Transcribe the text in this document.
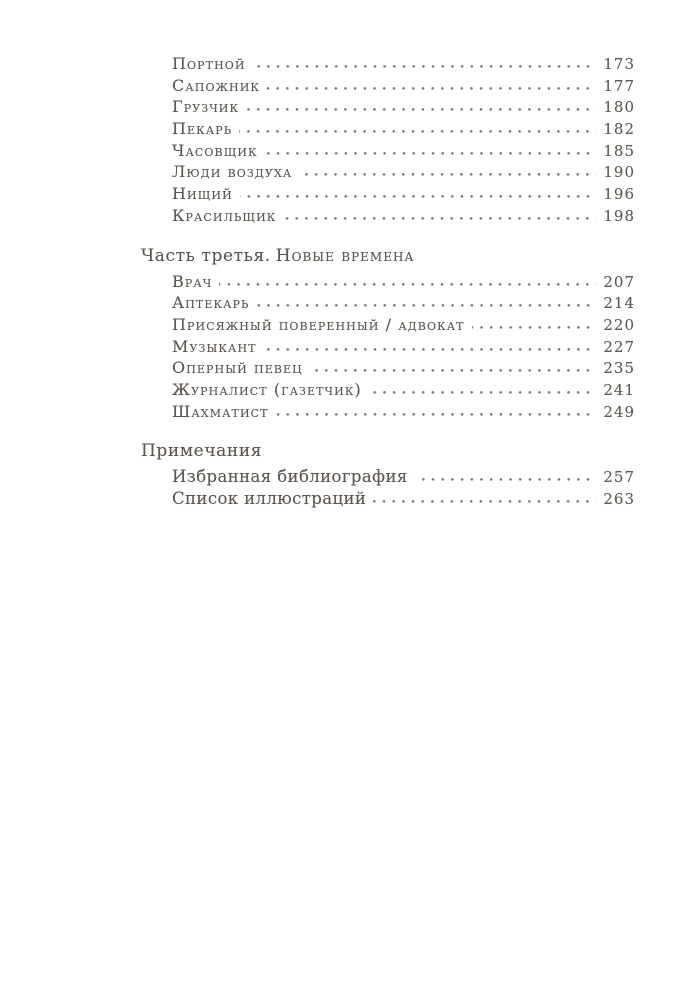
Портной	173
Сапожник	177
Грузчик	180
Пекарь	182
Часовщик	185
Люди воздуха	190
Нищий	196
Красильщик	198
Часть третья. Новые времена
Врач	207
Аптекарь	214
Присяжный поверенный / адвокат	220
Музыкант	227
Оперный певец	235
Журналист (газетчик)	241
Шахматист	249
Примечания
Избранная библиография	257
Список иллюстраций	263
